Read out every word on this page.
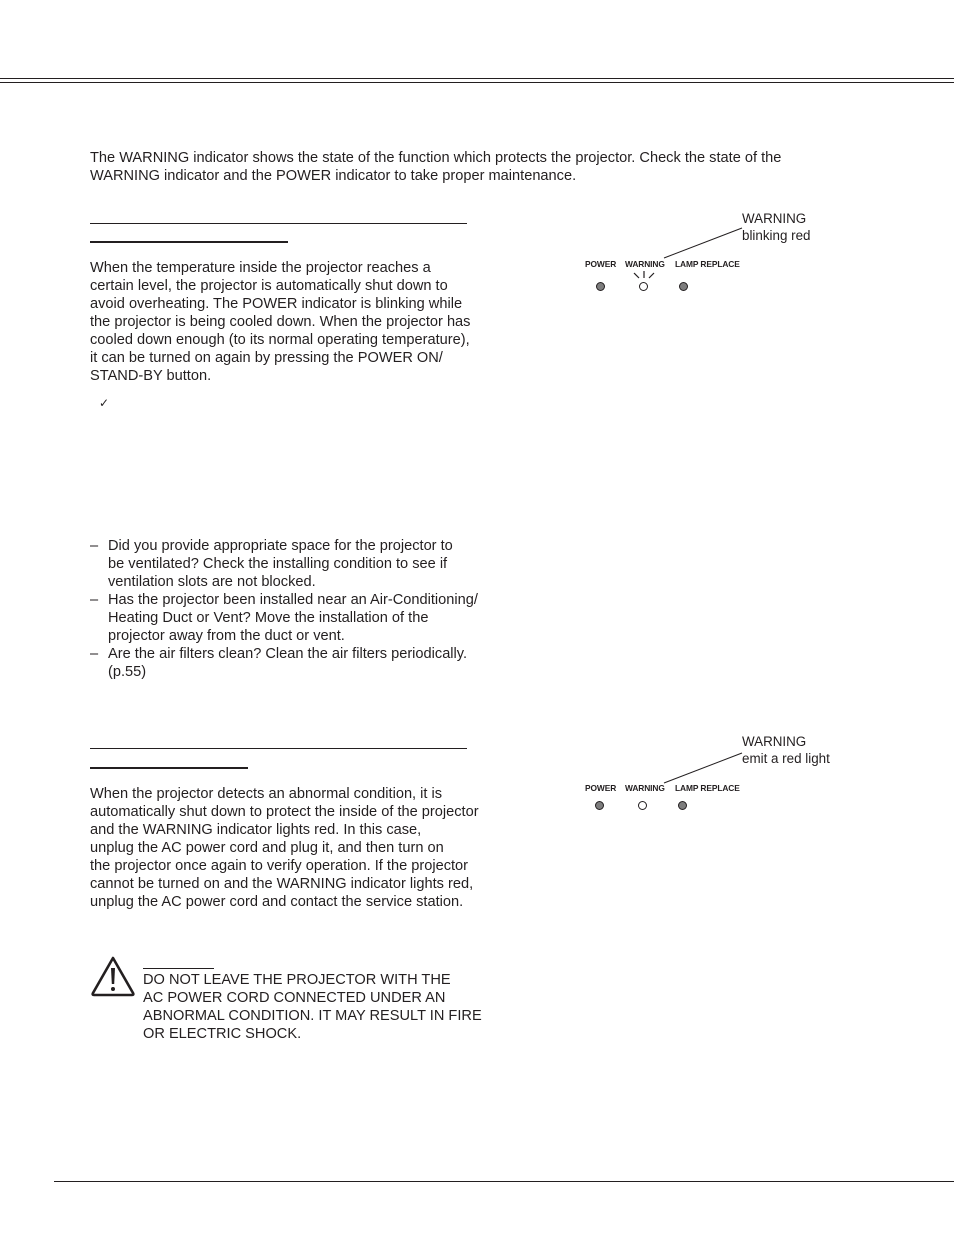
The WARNING indicator shows the state of the function which protects the projector. Check the state of the
WARNING indicator and the POWER indicator to take proper maintenance.
When the temperature inside the projector reaches a
certain level, the projector is automatically shut down to
avoid overheating. The POWER indicator is blinking while
the projector is being cooled down. When the projector has
cooled down enough (to its normal operating temperature),
it can be turned on again by pressing the POWER ON/
STAND-BY button.
✓
– Did you provide appropriate space for the projector to
be ventilated? Check the installing condition to see if
ventilation slots are not blocked.
– Has the projector been installed near an Air-Conditioning/
Heating Duct or Vent? Move the installation of the
projector away from the duct or vent.
– Are the air filters clean? Clean the air filters periodically.
(p.55)
WARNING
blinking red
POWER WARNING LAMP REPLACE
When the projector detects an abnormal condition, it is
automatically shut down to protect the inside of the projector
and the WARNING indicator lights red. In this case,
unplug the AC power cord and plug it, and then turn on
the projector once again to verify operation. If the projector
cannot be turned on and the WARNING indicator lights red,
unplug the AC power cord and contact the service station.
WARNING
emit a red light
POWER WARNING LAMP REPLACE
DO NOT LEAVE THE PROJECTOR WITH THE
AC POWER CORD CONNECTED UNDER AN
ABNORMAL CONDITION. IT MAY RESULT IN FIRE
OR ELECTRIC SHOCK.
